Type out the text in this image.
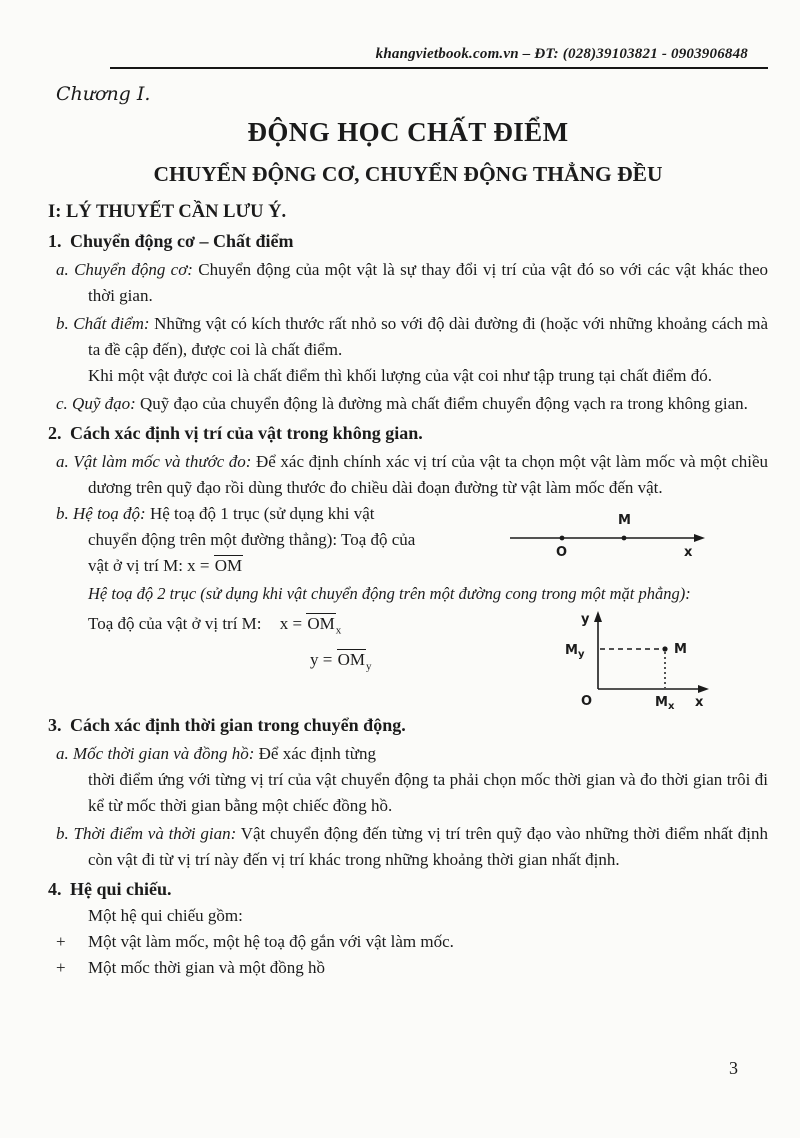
khangvietbook.com.vn – ĐT: (028)39103821 - 0903906848
Chương I.
ĐỘNG HỌC CHẤT ĐIỂM
CHUYỂN ĐỘNG CƠ, CHUYỂN ĐỘNG THẲNG ĐỀU
I: LÝ THUYẾT CẦN LƯU Ý.
1. Chuyển động cơ – Chất điểm

a. Chuyển động cơ: Chuyển động của một vật là sự thay đổi vị trí của vật đó so với các vật khác theo thời gian.

b. Chất điểm: Những vật có kích thước rất nhỏ so với độ dài đường đi (hoặc với những khoảng cách mà ta đề cập đến), được coi là chất điểm.

Khi một vật được coi là chất điểm thì khối lượng của vật coi như tập trung tại chất điểm đó.

c. Quỹ đạo: Quỹ đạo của chuyển động là đường mà chất điểm chuyển động vạch ra trong không gian.

2. Cách xác định vị trí của vật trong không gian.

a. Vật làm mốc và thước đo: Để xác định chính xác vị trí của vật ta chọn một vật làm mốc và một chiều dương trên quỹ đạo rồi dùng thước đo chiều dài đoạn đường từ vật làm mốc đến vật.

b. Hệ toạ độ: Hệ toạ độ 1 trục (sử dụng khi vật
chuyển động trên một đường thẳng): Toạ độ của
vật ở vị trí M: x = OM
M
O	x
Hệ toạ độ 2 trục (sử dụng khi vật chuyển động trên một đường cong trong một mặt phẳng):
Toạ độ của vật ở vị trí M: $x = OM_x$
$y = OM_y$
y
$M_y$	M
O	$M_x$ x
3. Cách xác định thời gian trong chuyển động.

a. Mốc thời gian và đồng hồ: Để xác định từng
thời điểm ứng với từng vị trí của vật chuyển động ta phải chọn mốc thời gian và đo thời gian trôi đi kể từ mốc thời gian bằng một chiếc đồng hồ.

b. Thời điểm và thời gian: Vật chuyển động đến từng vị trí trên quỹ đạo vào những thời điểm nhất định còn vật đi từ vị trí này đến vị trí khác trong những khoảng thời gian nhất định.

4. Hệ qui chiếu.
Một hệ qui chiếu gồm:
+ Một vật làm mốc, một hệ toạ độ gắn với vật làm mốc.
+ Một mốc thời gian và một đồng hồ
3
